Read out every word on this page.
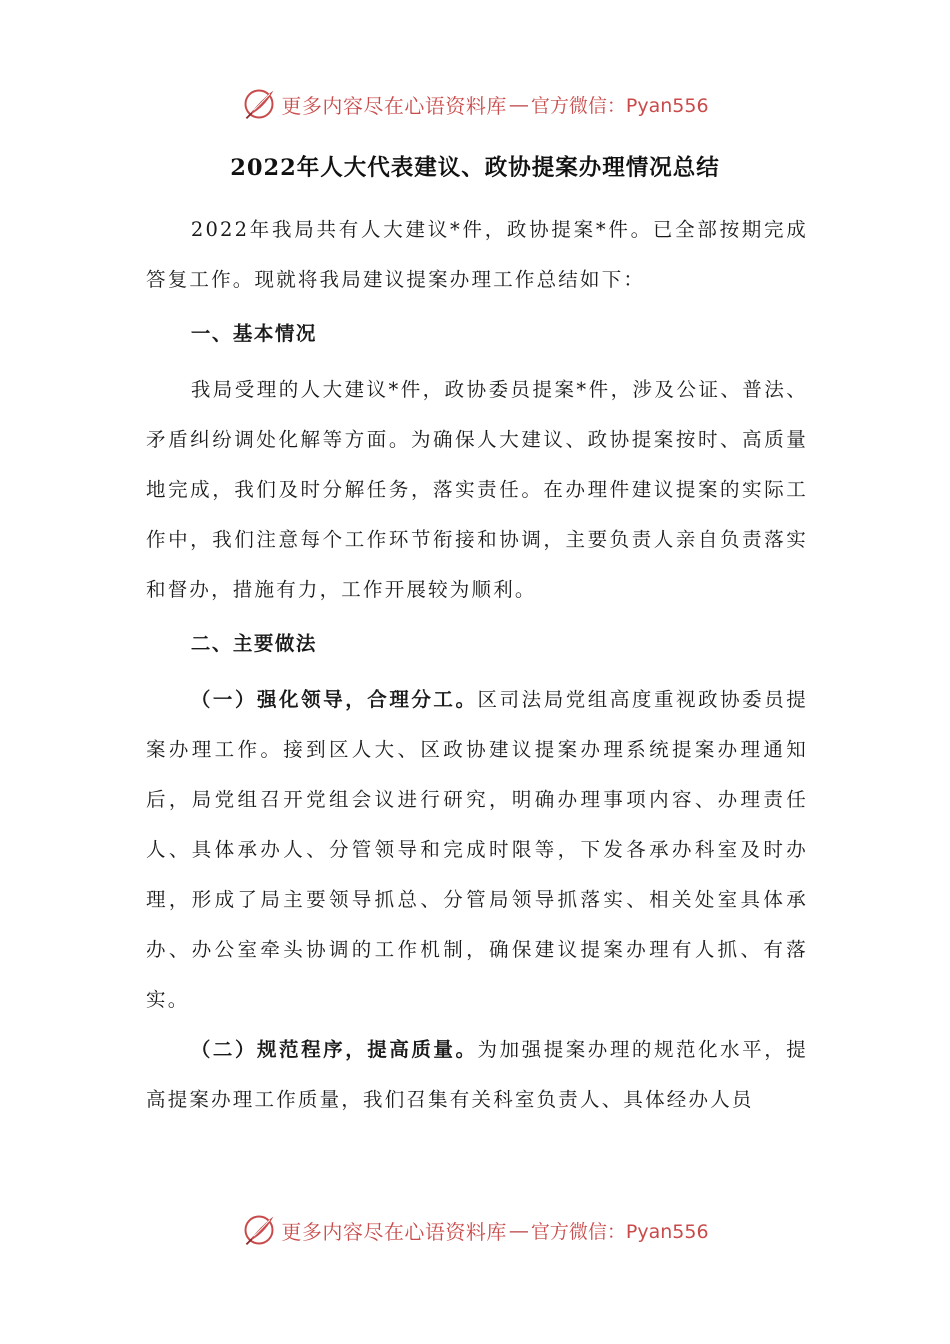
更多内容尽在心语资料库 — 官方微信：Pyan556
2022年人大代表建议、政协提案办理情况总结

2022年我局共有人大建议*件，政协提案*件。已全部按期完成答复工作。现就将我局建议提案办理工作总结如下：

一、基本情况

我局受理的人大建议*件，政协委员提案*件，涉及公证、普法、矛盾纠纷调处化解等方面。为确保人大建议、政协提案按时、高质量地完成，我们及时分解任务，落实责任。在办理件建议提案的实际工作中，我们注意每个工作环节衔接和协调，主要负责人亲自负责落实和督办，措施有力，工作开展较为顺利。

二、主要做法

（一）强化领导，合理分工。区司法局党组高度重视政协委员提案办理工作。接到区人大、区政协建议提案办理系统提案办理通知后，局党组召开党组会议进行研究，明确办理事项内容、办理责任人、具体承办人、分管领导和完成时限等，下发各承办科室及时办理，形成了局主要领导抓总、分管局领导抓落实、相关处室具体承办、办公室牵头协调的工作机制，确保建议提案办理有人抓、有落实。

（二）规范程序，提高质量。为加强提案办理的规范化水平，提高提案办理工作质量，我们召集有关科室负责人、具体经办人员

更多内容尽在心语资料库 — 官方微信：Pyan556
